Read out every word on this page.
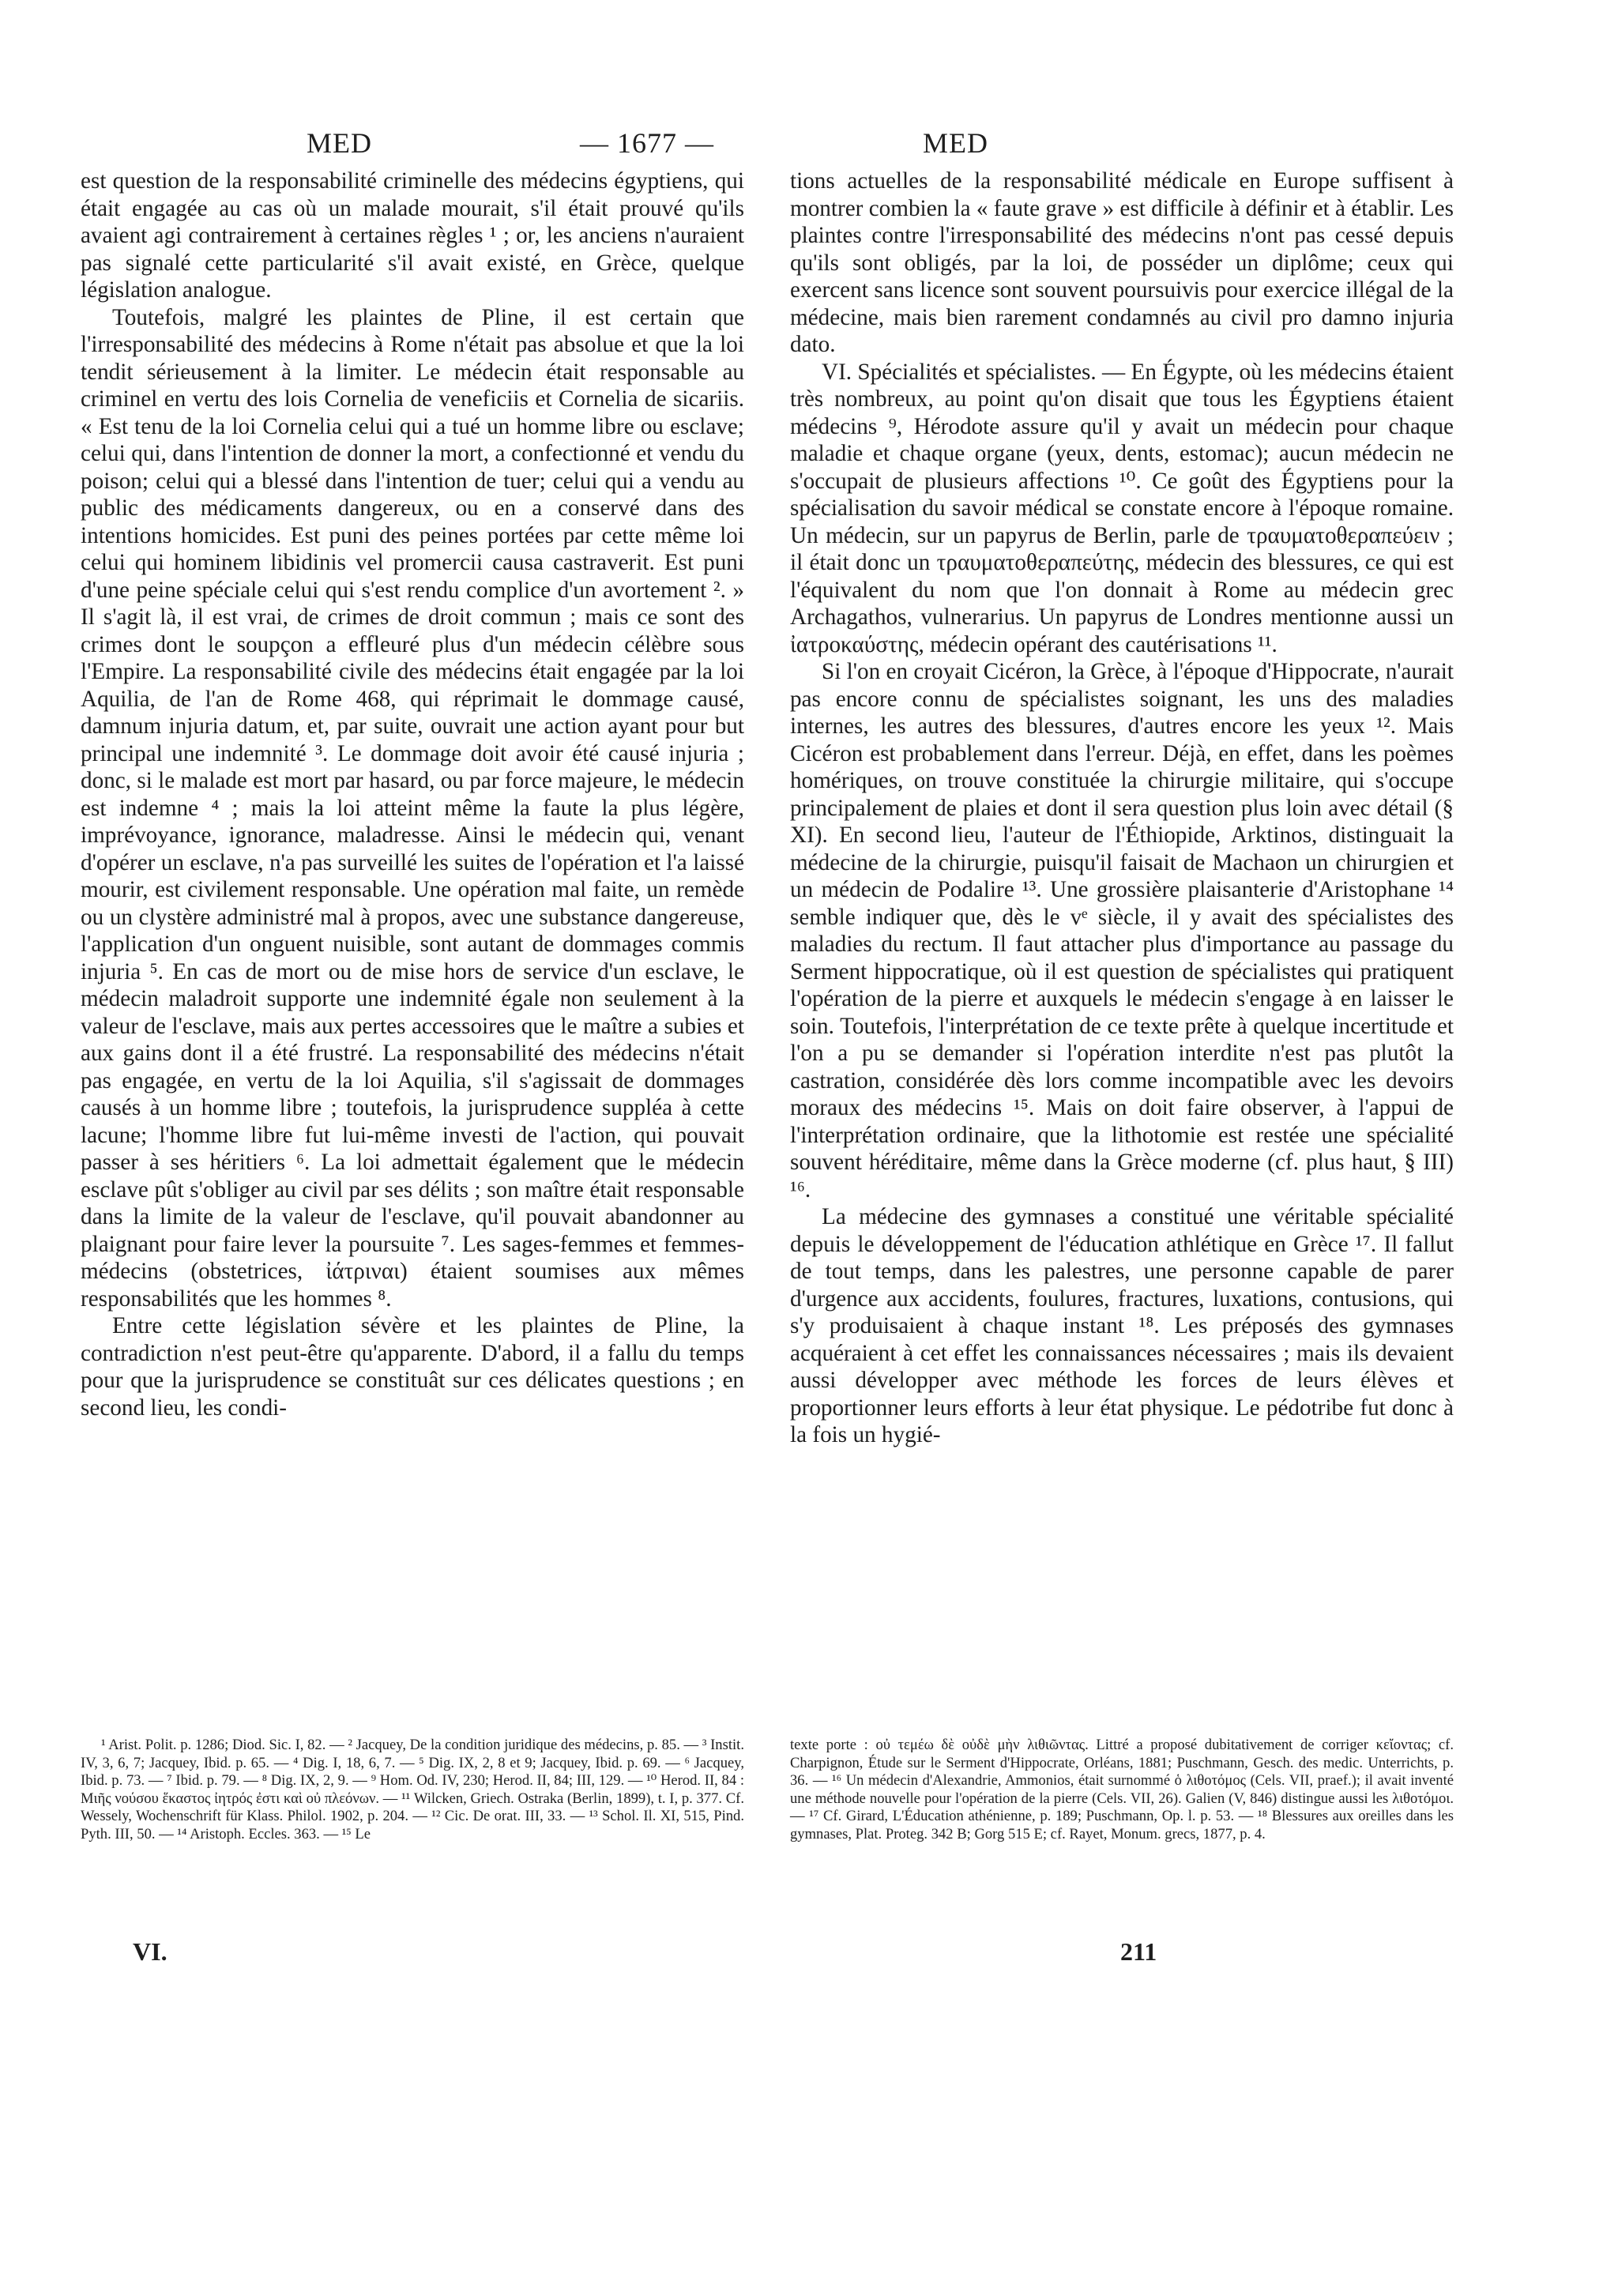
MED	— 1677 —	MED

est question de la responsabilité criminelle des médecins égyptiens, qui était engagée au cas où un malade mourait, s'il était prouvé qu'ils avaient agi contrairement à certaines règles ¹ ; or, les anciens n'auraient pas signalé cette particularité s'il avait existé, en Grèce, quelque législation analogue.

Toutefois, malgré les plaintes de Pline, il est certain que l'irresponsabilité des médecins à Rome n'était pas absolue et que la loi tendit sérieusement à la limiter. Le médecin était responsable au criminel en vertu des lois Cornelia de veneficiis et Cornelia de sicariis. « Est tenu de la loi Cornelia celui qui a tué un homme libre ou esclave; celui qui, dans l'intention de donner la mort, a confectionné et vendu du poison; celui qui a blessé dans l'intention de tuer; celui qui a vendu au public des médicaments dangereux, ou en a conservé dans des intentions homicides. Est puni des peines portées par cette même loi celui qui hominem libidinis vel promercii causa castraverit. Est puni d'une peine spéciale celui qui s'est rendu complice d'un avortement ². » Il s'agit là, il est vrai, de crimes de droit commun ; mais ce sont des crimes dont le soupçon a effleuré plus d'un médecin célèbre sous l'Empire. La responsabilité civile des médecins était engagée par la loi Aquilia, de l'an de Rome 468, qui réprimait le dommage causé, damnum injuria datum, et, par suite, ouvrait une action ayant pour but principal une indemnité ³. Le dommage doit avoir été causé injuria ; donc, si le malade est mort par hasard, ou par force majeure, le médecin est indemne ⁴ ; mais la loi atteint même la faute la plus légère, imprévoyance, ignorance, maladresse. Ainsi le médecin qui, venant d'opérer un esclave, n'a pas surveillé les suites de l'opération et l'a laissé mourir, est civilement responsable. Une opération mal faite, un remède ou un clystère administré mal à propos, avec une substance dangereuse, l'application d'un onguent nuisible, sont autant de dommages commis injuria ⁵. En cas de mort ou de mise hors de service d'un esclave, le médecin maladroit supporte une indemnité égale non seulement à la valeur de l'esclave, mais aux pertes accessoires que le maître a subies et aux gains dont il a été frustré. La responsabilité des médecins n'était pas engagée, en vertu de la loi Aquilia, s'il s'agissait de dommages causés à un homme libre ; toutefois, la jurisprudence suppléa à cette lacune; l'homme libre fut lui-même investi de l'action, qui pouvait passer à ses héritiers ⁶. La loi admettait également que le médecin esclave pût s'obliger au civil par ses délits ; son maître était responsable dans la limite de la valeur de l'esclave, qu'il pouvait abandonner au plaignant pour faire lever la poursuite ⁷. Les sages-femmes et femmes-médecins (obstetrices, ἰάτριναι) étaient soumises aux mêmes responsabilités que les hommes ⁸.

Entre cette législation sévère et les plaintes de Pline, la contradiction n'est peut-être qu'apparente. D'abord, il a fallu du temps pour que la jurisprudence se constituât sur ces délicates questions ; en second lieu, les condi-

tions actuelles de la responsabilité médicale en Europe suffisent à montrer combien la « faute grave » est difficile à définir et à établir. Les plaintes contre l'irresponsabilité des médecins n'ont pas cessé depuis qu'ils sont obligés, par la loi, de posséder un diplôme; ceux qui exercent sans licence sont souvent poursuivis pour exercice illégal de la médecine, mais bien rarement condamnés au civil pro damno injuria dato.

VI. Spécialités et spécialistes. — En Égypte, où les médecins étaient très nombreux, au point qu'on disait que tous les Égyptiens étaient médecins ⁹, Hérodote assure qu'il y avait un médecin pour chaque maladie et chaque organe (yeux, dents, estomac); aucun médecin ne s'occupait de plusieurs affections ¹⁰. Ce goût des Égyptiens pour la spécialisation du savoir médical se constate encore à l'époque romaine. Un médecin, sur un papyrus de Berlin, parle de τραυματοθεραπεύειν ; il était donc un τραυματοθεραπεύτης, médecin des blessures, ce qui est l'équivalent du nom que l'on donnait à Rome au médecin grec Archagathos, vulnerarius. Un papyrus de Londres mentionne aussi un ἰατροκαύστης, médecin opérant des cautérisations ¹¹.

Si l'on en croyait Cicéron, la Grèce, à l'époque d'Hippocrate, n'aurait pas encore connu de spécialistes soignant, les uns des maladies internes, les autres des blessures, d'autres encore les yeux ¹². Mais Cicéron est probablement dans l'erreur. Déjà, en effet, dans les poèmes homériques, on trouve constituée la chirurgie militaire, qui s'occupe principalement de plaies et dont il sera question plus loin avec détail (§ XI). En second lieu, l'auteur de l'Éthiopide, Arktinos, distinguait la médecine de la chirurgie, puisqu'il faisait de Machaon un chirurgien et un médecin de Podalire ¹³. Une grossière plaisanterie d'Aristophane ¹⁴ semble indiquer que, dès le vᵉ siècle, il y avait des spécialistes des maladies du rectum. Il faut attacher plus d'importance au passage du Serment hippocratique, où il est question de spécialistes qui pratiquent l'opération de la pierre et auxquels le médecin s'engage à en laisser le soin. Toutefois, l'interprétation de ce texte prête à quelque incertitude et l'on a pu se demander si l'opération interdite n'est pas plutôt la castration, considérée dès lors comme incompatible avec les devoirs moraux des médecins ¹⁵. Mais on doit faire observer, à l'appui de l'interprétation ordinaire, que la lithotomie est restée une spécialité souvent héréditaire, même dans la Grèce moderne (cf. plus haut, § III) ¹⁶.

La médecine des gymnases a constitué une véritable spécialité depuis le développement de l'éducation athlétique en Grèce ¹⁷. Il fallut de tout temps, dans les palestres, une personne capable de parer d'urgence aux accidents, foulures, fractures, luxations, contusions, qui s'y produisaient à chaque instant ¹⁸. Les préposés des gymnases acquéraient à cet effet les connaissances nécessaires ; mais ils devaient aussi développer avec méthode les forces de leurs élèves et proportionner leurs efforts à leur état physique. Le pédotribe fut donc à la fois un hygié-

¹ Arist. Polit. p. 1286; Diod. Sic. I, 82. — ² Jacquey, De la condition juridique des médecins, p. 85. — ³ Instit. IV, 3, 6, 7; Jacquey, Ibid. p. 65. — ⁴ Dig. I, 18, 6, 7. — ⁵ Dig. IX, 2, 8 et 9; Jacquey, Ibid. p. 69. — ⁶ Jacquey, Ibid. p. 73. — ⁷ Ibid. p. 79. — ⁸ Dig. IX, 2, 9. — ⁹ Hom. Od. IV, 230; Herod. II, 84; III, 129. — ¹⁰ Herod. II, 84 : Μιῆς νούσου ἕκαστος ἰητρός ἐστι καὶ οὐ πλεόνων. — ¹¹ Wilcken, Griech. Ostraka (Berlin, 1899), t. I, p. 377. Cf. Wessely, Wochenschrift für Klass. Philol. 1902, p. 204. — ¹² Cic. De orat. III, 33. — ¹³ Schol. Il. XI, 515, Pind. Pyth. III, 50. — ¹⁴ Aristoph. Eccles. 363. — ¹⁵ Le

texte porte : οὐ τεμέω δὲ οὐδὲ μὴν λιθιῶντας. Littré a proposé dubitativement de corriger κεἴοντας; cf. Charpignon, Étude sur le Serment d'Hippocrate, Orléans, 1881; Puschmann, Gesch. des medic. Unterrichts, p. 36. — ¹⁶ Un médecin d'Alexandrie, Ammonios, était surnommé ὁ λιθοτόμος (Cels. VII, praef.); il avait inventé une méthode nouvelle pour l'opération de la pierre (Cels. VII, 26). Galien (V, 846) distingue aussi les λιθοτόμοι. — ¹⁷ Cf. Girard, L'Éducation athénienne, p. 189; Puschmann, Op. l. p. 53. — ¹⁸ Blessures aux oreilles dans les gymnases, Plat. Proteg. 342 B; Gorg 515 E; cf. Rayet, Monum. grecs, 1877, p. 4.

VI.	211
